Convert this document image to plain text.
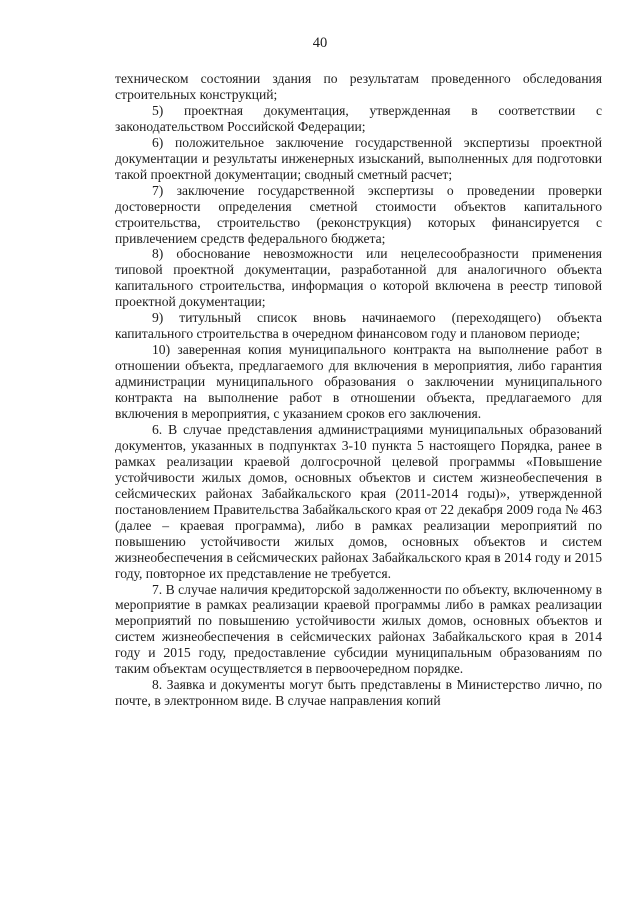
40

техническом состоянии здания по результатам проведенного обследования строительных конструкций;

5) проектная документация, утвержденная в соответствии с законодательством Российской Федерации;

6) положительное заключение государственной экспертизы проектной документации и результаты инженерных изысканий, выполненных для подготовки такой проектной документации; сводный сметный расчет;

7) заключение государственной экспертизы о проведении проверки достоверности определения сметной стоимости объектов капитального строительства, строительство (реконструкция) которых финансируется с привлечением средств федерального бюджета;

8) обоснование невозможности или нецелесообразности применения типовой проектной документации, разработанной для аналогичного объекта капитального строительства, информация о которой включена в реестр типовой проектной документации;

9) титульный список вновь начинаемого (переходящего) объекта капитального строительства в очередном финансовом году и плановом периоде;

10) заверенная копия муниципального контракта на выполнение работ в отношении объекта, предлагаемого для включения в мероприятия, либо гарантия администрации муниципального образования о заключении муниципального контракта на выполнение работ в отношении объекта, предлагаемого для включения в мероприятия, с указанием сроков его заключения.

6. В случае представления администрациями муниципальных образований документов, указанных в подпунктах 3-10 пункта 5 настоящего Порядка, ранее в рамках реализации краевой долгосрочной целевой программы «Повышение устойчивости жилых домов, основных объектов и систем жизнеобеспечения в сейсмических районах Забайкальского края (2011-2014 годы)», утвержденной постановлением Правительства Забайкальского края от 22 декабря 2009 года № 463 (далее – краевая программа), либо в рамках реализации мероприятий по повышению устойчивости жилых домов, основных объектов и систем жизнеобеспечения в сейсмических районах Забайкальского края в 2014 году и 2015 году, повторное их представление не требуется.

7. В случае наличия кредиторской задолженности по объекту, включенному в мероприятие в рамках реализации краевой программы либо в рамках реализации мероприятий по повышению устойчивости жилых домов, основных объектов и систем жизнеобеспечения в сейсмических районах Забайкальского края в 2014 году и 2015 году, предоставление субсидии муниципальным образованиям по таким объектам осуществляется в первоочередном порядке.

8. Заявка и документы могут быть представлены в Министерство лично, по почте, в электронном виде. В случае направления копий
